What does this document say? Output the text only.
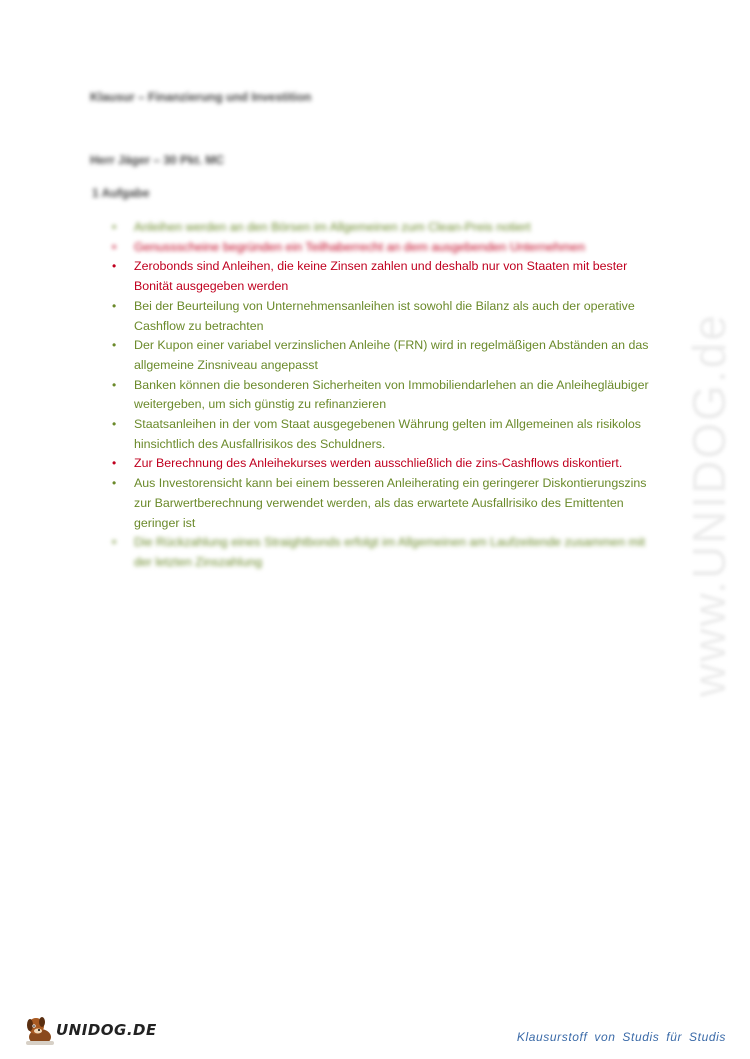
Klausur – Finanzierung und Investition
Herr Jäger – 30 Pkt. MC
1 Aufgabe
•	Anleihen werden an den Börsen im Allgemeinen zum Clean-Preis notiert
•	Genussscheine begründen ein Teilhaberrecht an dem ausgebenden Unternehmen
•	Zerobonds sind Anleihen, die keine Zinsen zahlen und deshalb nur von Staaten mit bester Bonität ausgegeben werden
•	Bei der Beurteilung von Unternehmensanleihen ist sowohl die Bilanz als auch der operative Cashflow zu betrachten
•	Der Kupon einer variabel verzinslichen Anleihe (FRN) wird in regelmäßigen Abständen an das allgemeine Zinsniveau angepasst
•	Banken können die besonderen Sicherheiten von Immobiliendarlehen an die Anleihegläubiger weitergeben, um sich günstig zu refinanzieren
•	Staatsanleihen in der vom Staat ausgegebenen Währung gelten im Allgemeinen als risikolos hinsichtlich des Ausfallrisikos des Schuldners.
•	Zur Berechnung des Anleihekurses werden ausschließlich die zins-Cashflows diskontiert.
•	Aus Investorensicht kann bei einem besseren Anleiherating ein geringerer Diskontierungszins zur Barwertberechnung verwendet werden, als das erwartete Ausfallrisiko des Emittenten geringer ist
•	Die Rückzahlung eines Straightbonds erfolgt im Allgemeinen am Laufzeitende zusammen mit der letzten Zinszahlung	www.UNIDOG.de
UNIDOG.DE	Klausurstoff von Studis für Studis
